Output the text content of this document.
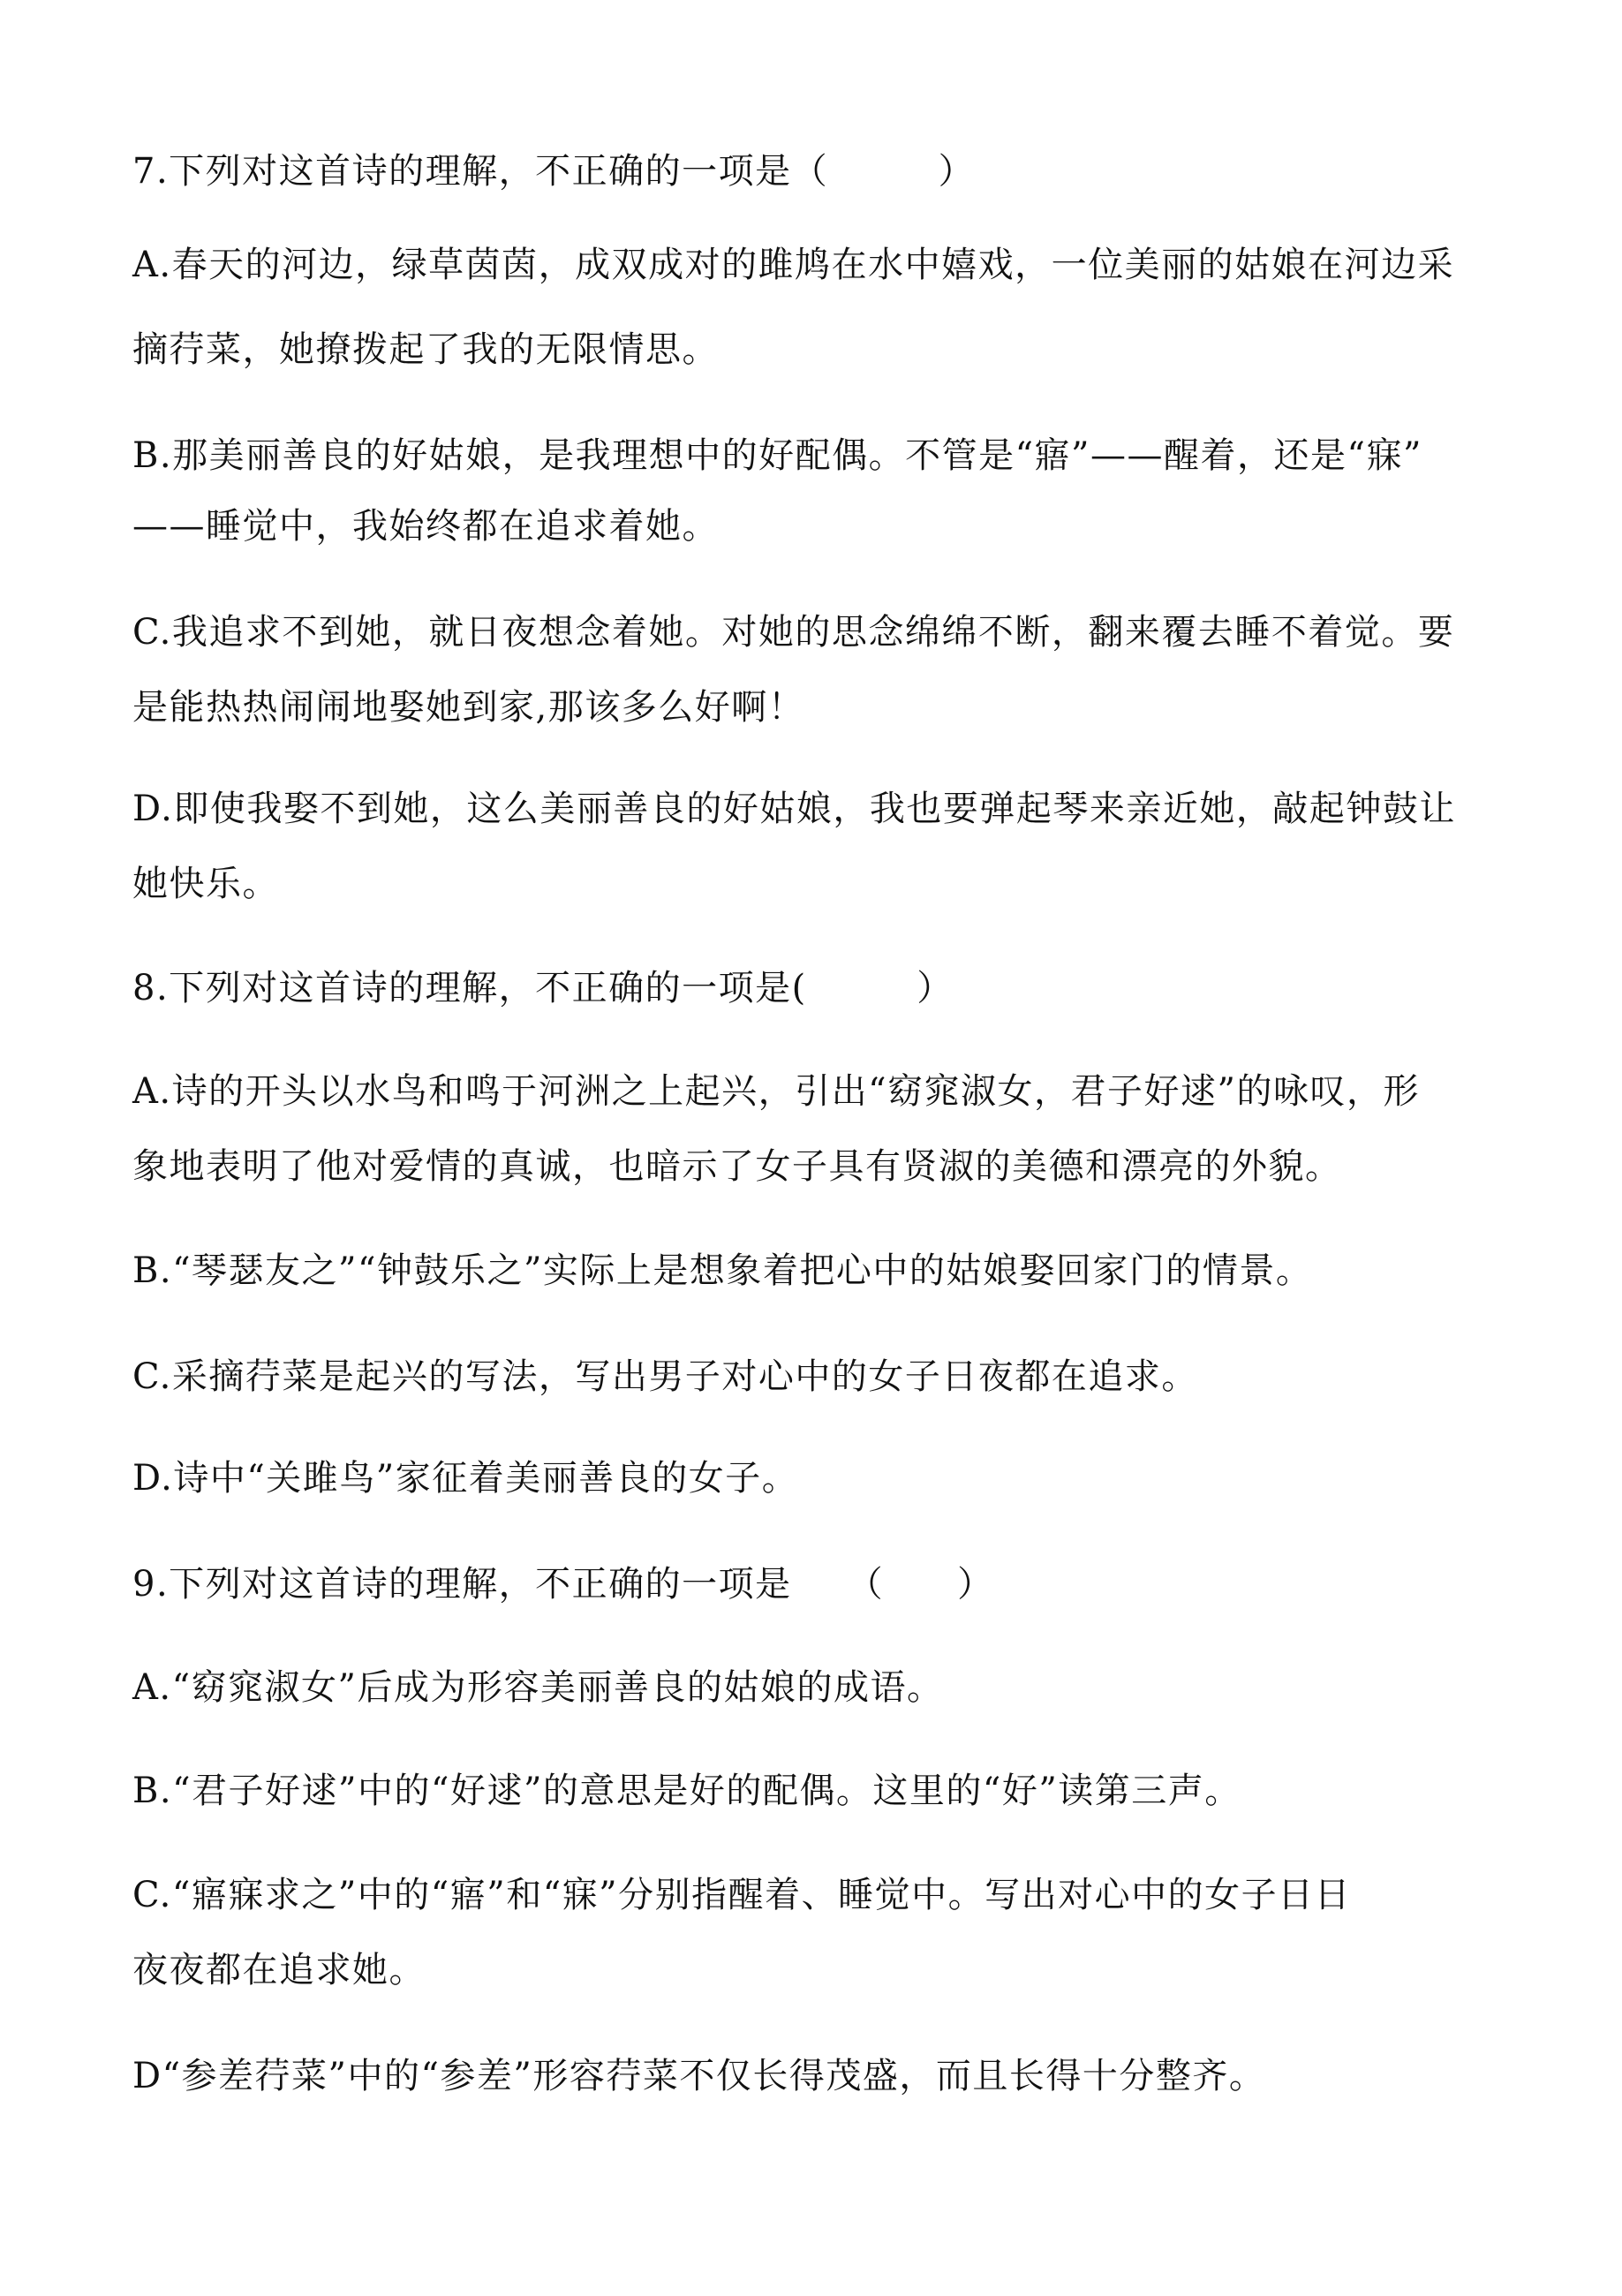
7.下列对这首诗的理解，不正确的一项是（　　　）
A.春天的河边，绿草茵茵，成双成对的雎鸠在水中嬉戏，一位美丽的姑娘在河边采
摘荇菜，她撩拨起了我的无限情思。
B.那美丽善良的好姑娘，是我理想中的好配偶。不管是“寤”——醒着，还是“寐”
——睡觉中，我始终都在追求着她。
C.我追求不到她，就日夜想念着她。对她的思念绵绵不断，翻来覆去睡不着觉。要
是能热热闹闹地娶她到家,那该多么好啊！
D.即使我娶不到她，这么美丽善良的好姑娘，我也要弹起琴来亲近她，敲起钟鼓让
她快乐。
8.下列对这首诗的理解，不正确的一项是(　　　）
A.诗的开头以水鸟和鸣于河洲之上起兴，引出“窈窕淑女，君子好逑”的咏叹，形
象地表明了他对爱情的真诚，也暗示了女子具有贤淑的美德和漂亮的外貌。
B.“琴瑟友之”“钟鼓乐之”实际上是想象着把心中的姑娘娶回家门的情景。
C.采摘荇菜是起兴的写法，写出男子对心中的女子日夜都在追求。
D.诗中“关雎鸟”家征着美丽善良的女子。
9.下列对这首诗的理解，不正确的一项是　　（　　）
A.“窈窕淑女”后成为形容美丽善良的姑娘的成语。
B.“君子好逑”中的“好逑”的意思是好的配偶。这里的“好”读第三声。
C.“寤寐求之”中的“寤”和“寐”分别指醒着、睡觉中。写出对心中的女子日日
夜夜都在追求她。
D“参差荇菜”中的“参差”形容荇菜不仅长得茂盛，而且长得十分整齐。
